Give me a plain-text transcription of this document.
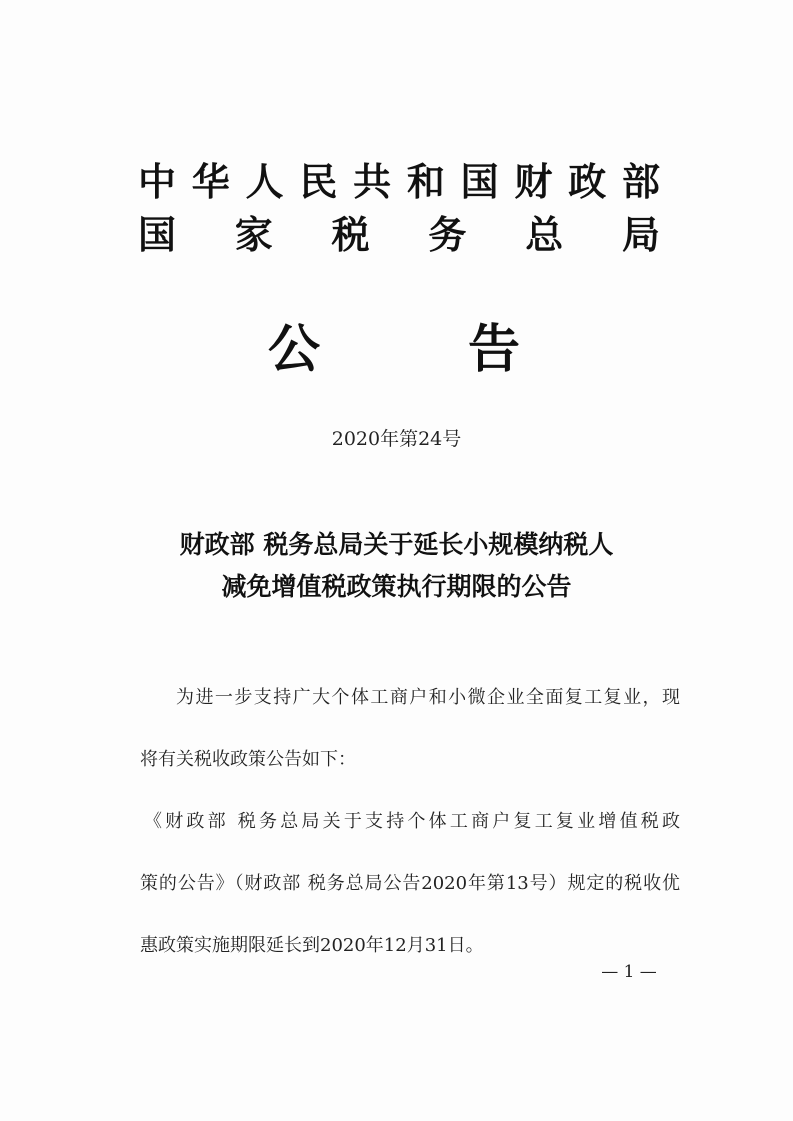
中华人民共和国财政部
国家税务总局
公告
2020年第24号
财政部 税务总局关于延长小规模纳税人
减免增值税政策执行期限的公告
为进一步支持广大个体工商户和小微企业全面复工复业，现
将有关税收政策公告如下：
《财政部 税务总局关于支持个体工商户复工复业增值税政
策的公告》（财政部 税务总局公告2020年第13号）规定的税收优
惠政策实施期限延长到2020年12月31日。
— 1 —
